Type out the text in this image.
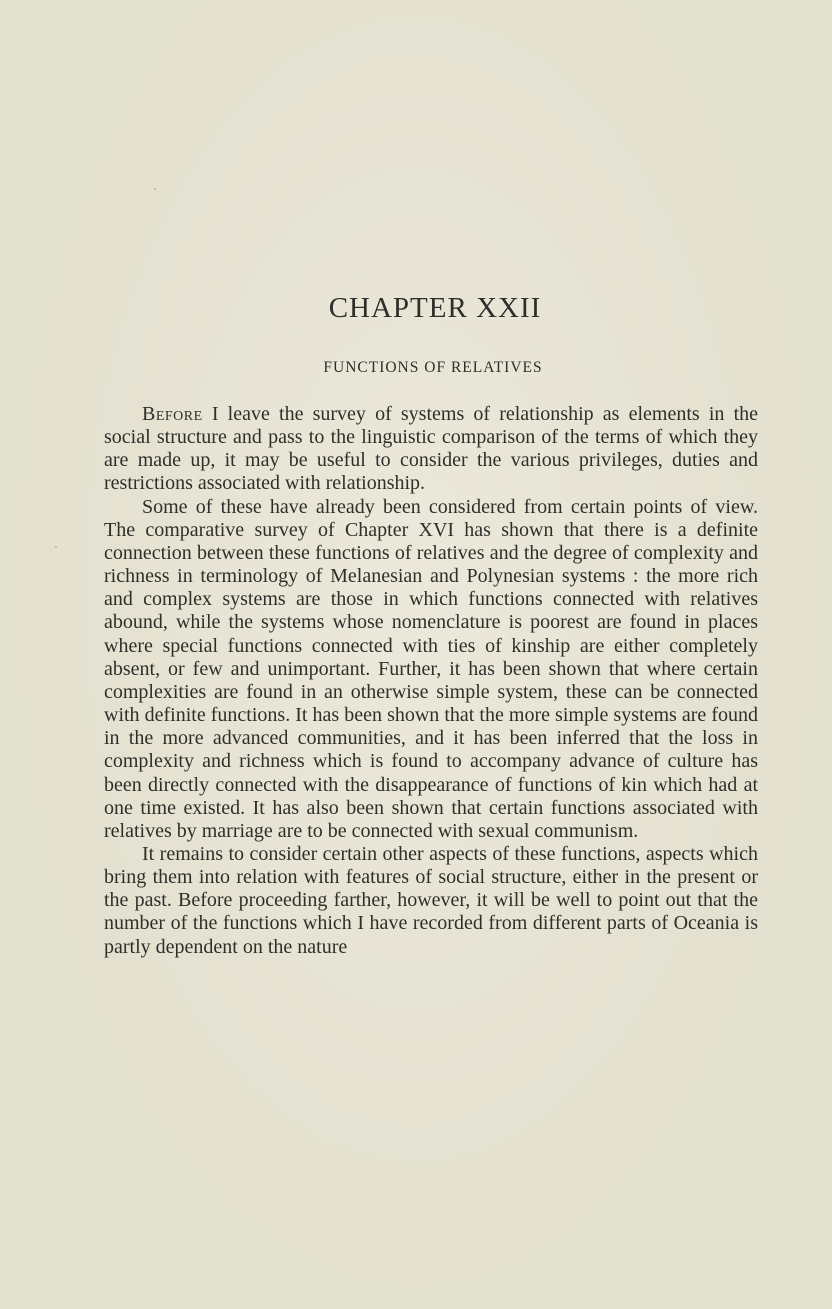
CHAPTER XXII
FUNCTIONS OF RELATIVES

Before I leave the survey of systems of relationship as elements in the social structure and pass to the linguistic comparison of the terms of which they are made up, it may be useful to consider the various privileges, duties and restrictions associated with relationship.

Some of these have already been considered from certain points of view. The comparative survey of Chapter XVI has shown that there is a definite connection between these functions of relatives and the degree of complexity and richness in terminology of Melanesian and Polynesian systems : the more rich and complex systems are those in which functions connected with relatives abound, while the systems whose nomenclature is poorest are found in places where special functions connected with ties of kinship are either completely absent, or few and unimportant. Further, it has been shown that where certain complexities are found in an otherwise simple system, these can be connected with definite functions. It has been shown that the more simple systems are found in the more advanced communities, and it has been inferred that the loss in complexity and richness which is found to accompany advance of culture has been directly connected with the disappearance of functions of kin which had at one time existed. It has also been shown that certain functions associated with relatives by marriage are to be connected with sexual communism.

It remains to consider certain other aspects of these functions, aspects which bring them into relation with features of social structure, either in the present or the past. Before proceeding farther, however, it will be well to point out that the number of the functions which I have recorded from different parts of Oceania is partly dependent on the nature
